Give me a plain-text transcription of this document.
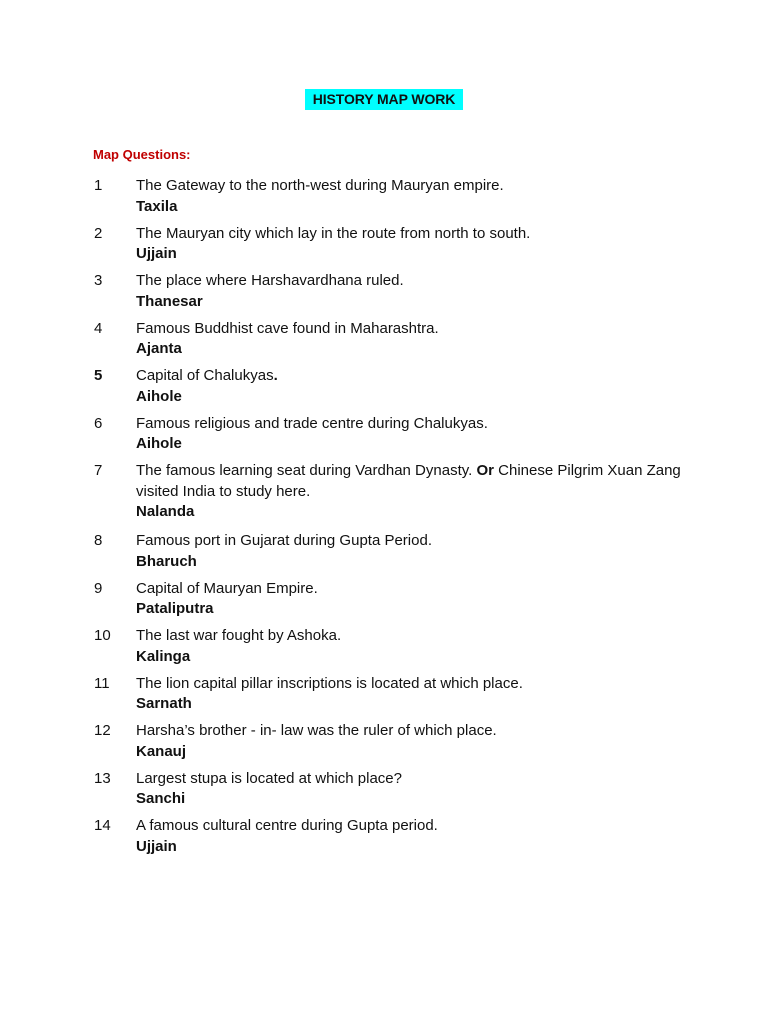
HISTORY MAP WORK
Map Questions:
1	The Gateway to the north-west during Mauryan empire.
Taxila
2	The Mauryan city which lay in the route from north to south.
Ujjain
3	The place where Harshavardhana ruled.
Thanesar
4	Famous Buddhist cave found in Maharashtra.
Ajanta
5	Capital of Chalukyas.
Aihole
6	Famous religious and trade centre during Chalukyas.
Aihole
7	The famous learning seat during Vardhan Dynasty. Or Chinese Pilgrim Xuan Zang visited India to study here.
Nalanda
8	Famous port in Gujarat during Gupta Period.
Bharuch
9	Capital of Mauryan Empire.
Pataliputra
10	The last war fought by Ashoka.
Kalinga
11	The lion capital pillar inscriptions is located at which place.
Sarnath
12	Harsha’s brother - in- law was the ruler of which place.
Kanauj
13	Largest stupa is located at which place?
Sanchi
14	A famous cultural centre during Gupta period.
Ujjain
